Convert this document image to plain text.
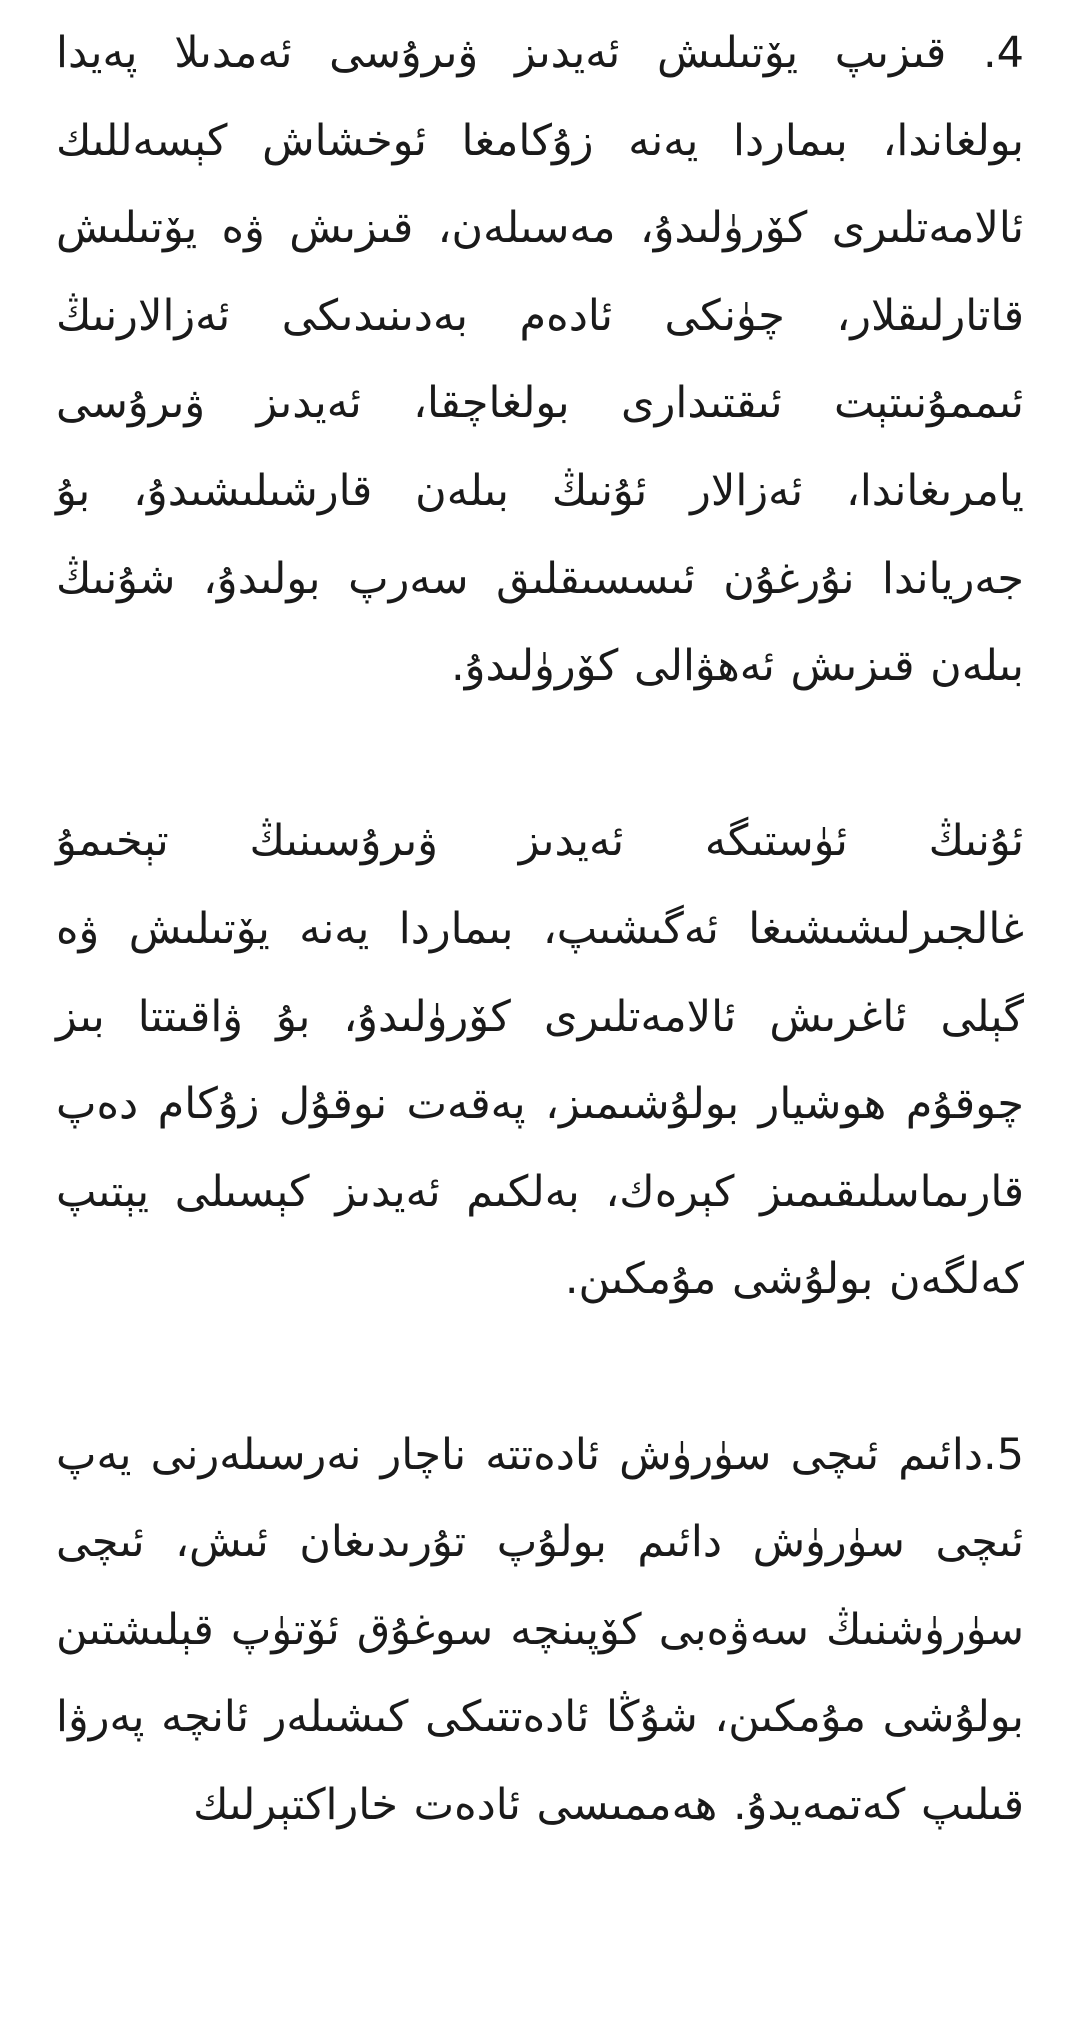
4. قىزىپ يۆتىلىش ئەيدىز ۋىرۇسى ئەمدىلا پەيدا بولغاندا، بىماردا يەنە زۇكامغا ئوخشاش كېسەللىك ئالامەتلىرى كۆرۈلىدۇ، مەسىلەن، قىزىش ۋە يۆتىلىش قاتارلىقلار، چۈنكى ئادەم بەدىنىدىكى ئەزالارنىڭ ئىممۇنىتېت ئىقتىدارى بولغاچقا، ئەيدىز ۋىرۇسى يامرىغاندا، ئەزالار ئۇنىڭ بىلەن قارشىلىشىدۇ، بۇ جەرياندا نۇرغۇن ئىسسىقلىق سەرپ بولىدۇ، شۇنىڭ بىلەن قىزىش ئەھۋالى كۆرۈلىدۇ.

ئۇنىڭ ئۈستىگە ئەيدىز ۋىرۇسىنىڭ تېخىمۇ غالجىرلىشىشىغا ئەگىشىپ، بىماردا يەنە يۆتىلىش ۋە گېلى ئاغرىش ئالامەتلىرى كۆرۈلىدۇ، بۇ ۋاقىتتا بىز چوقۇم ھوشيار بولۇشىمىز، پەقەت نوقۇل زۇكام دەپ قارىماسلىقىمىز كېرەك، بەلكىم ئەيدىز كېسىلى يېتىپ كەلگەن بولۇشى مۇمكىن.

5.دائىم ئىچى سۈرۈش ئادەتتە ناچار نەرسىلەرنى يەپ ئىچى سۈرۈش دائىم بولۇپ تۇرىدىغان ئىش، ئىچى سۈرۈشنىڭ سەۋەبى كۆپىنچە سوغۇق ئۆتۈپ قېلىشتىن بولۇشى مۇمكىن، شۇڭا ئادەتتىكى كىشىلەر ئانچە پەرۋا قىلىپ كەتمەيدۇ. ھەممىسى ئادەت خاراكتېرلىك
